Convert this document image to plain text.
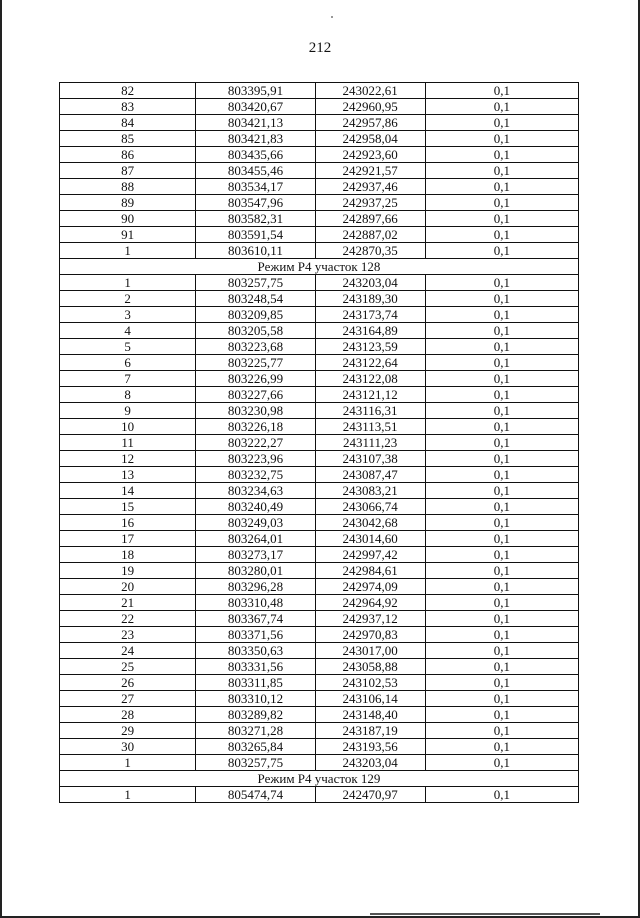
212
82	803395,91	243022,61	0,1
83	803420,67	242960,95	0,1
84	803421,13	242957,86	0,1
85	803421,83	242958,04	0,1
86	803435,66	242923,60	0,1
87	803455,46	242921,57	0,1
88	803534,17	242937,46	0,1
89	803547,96	242937,25	0,1
90	803582,31	242897,66	0,1
91	803591,54	242887,02	0,1
1	803610,11	242870,35	0,1
Режим Р4 участок 128			
1	803257,75	243203,04	0,1
2	803248,54	243189,30	0,1
3	803209,85	243173,74	0,1
4	803205,58	243164,89	0,1
5	803223,68	243123,59	0,1
6	803225,77	243122,64	0,1
7	803226,99	243122,08	0,1
8	803227,66	243121,12	0,1
9	803230,98	243116,31	0,1
10	803226,18	243113,51	0,1
11	803222,27	243111,23	0,1
12	803223,96	243107,38	0,1
13	803232,75	243087,47	0,1
14	803234,63	243083,21	0,1
15	803240,49	243066,74	0,1
16	803249,03	243042,68	0,1
17	803264,01	243014,60	0,1
18	803273,17	242997,42	0,1
19	803280,01	242984,61	0,1
20	803296,28	242974,09	0,1
21	803310,48	242964,92	0,1
22	803367,74	242937,12	0,1
23	803371,56	242970,83	0,1
24	803350,63	243017,00	0,1
25	803331,56	243058,88	0,1
26	803311,85	243102,53	0,1
27	803310,12	243106,14	0,1
28	803289,82	243148,40	0,1
29	803271,28	243187,19	0,1
30	803265,84	243193,56	0,1
1	803257,75	243203,04	0,1
Режим Р4 участок 129			
1	805474,74	242470,97	0,1
